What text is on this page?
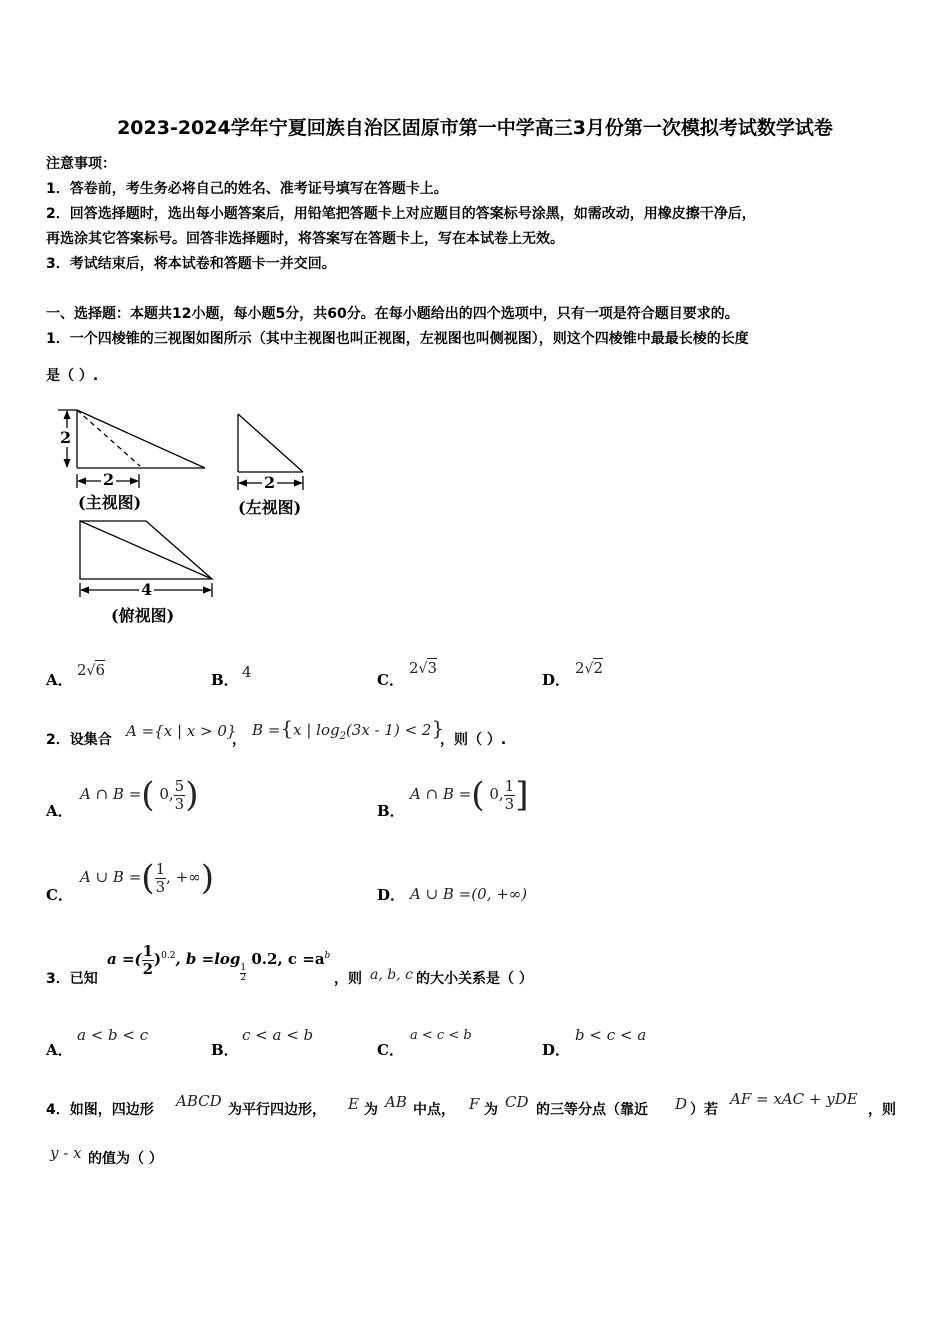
2023-2024学年宁夏回族自治区固原市第一中学高三3月份第一次模拟考试数学试卷
注意事项：
1．答卷前，考生务必将自己的姓名、准考证号填写在答题卡上。
2．回答选择题时，选出每小题答案后，用铅笔把答题卡上对应题目的答案标号涂黑，如需改动，用橡皮擦干净后，
再选涂其它答案标号。回答非选择题时，将答案写在答题卡上，写在本试卷上无效。
3．考试结束后，将本试卷和答题卡一并交回。
一、选择题：本题共12小题，每小题5分，共60分。在每小题给出的四个选项中，只有一项是符合题目要求的。
1．一个四棱锥的三视图如图所示（其中主视图也叫正视图，左视图也叫侧视图），则这个四棱锥中最最长棱的长度
是（ ）.
2
2
(主视图)
2
(左视图)
4
(俯视图)
A．
2√6
B． 4	C．
2√3
D．
2√2
2．设集合 A ={x | x > 0}
，
B ={x | $\log_2(3x - 1) < 2$}
，则（ ）.
A．
A ∩ B =( 0, $\frac{5}{3}$ )	B．
A ∩ B =( 0, $\frac{1}{3}$ ]
C．
A ∪ B =( $\frac{1}{3}$ , +∞)	D． A ∪ B =(0, +∞)
3．已知
a =( $\frac{1}{2} )^{0.2}$, b =log
$\frac{1}{2}$
0.2, $c =a^b$
，则 a, b, c 的大小关系是（ ）
A．
a < b < c
B．
c < a < b
C．
a < c < b
D．
b < c < a
4．如图，四边形 ABCD 为平行四边形， E 为 AB 中点， F 为 CD 的三等分点（靠近 D ）若
AF = xAC + yDE
，则
y - x 的值为（ ）
